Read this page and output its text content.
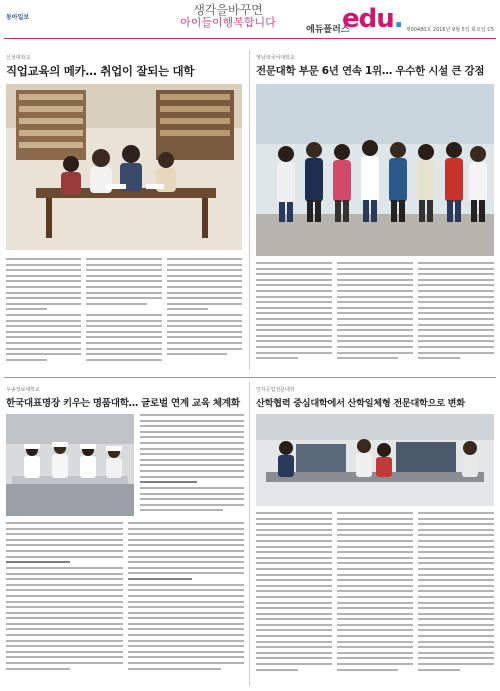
동아일보
생각을바꾸면
아이들이행복합니다
에듀플러스
edu. 제00480호 2016년 9월 5일 화요일 C5
신성대학교
직업교육의 메카… 취업이 잘되는 대학
영남외국어대학교
전문대학 부문 6년 연속 1위… 우수한 시설 큰 강점
우송정보대학교
한국대표명장 키우는 명품대학… 글로벌 연계 교육 체계화
인하공업전문대학
산학협력 중심대학에서 산학일체형 전문대학으로 변화
